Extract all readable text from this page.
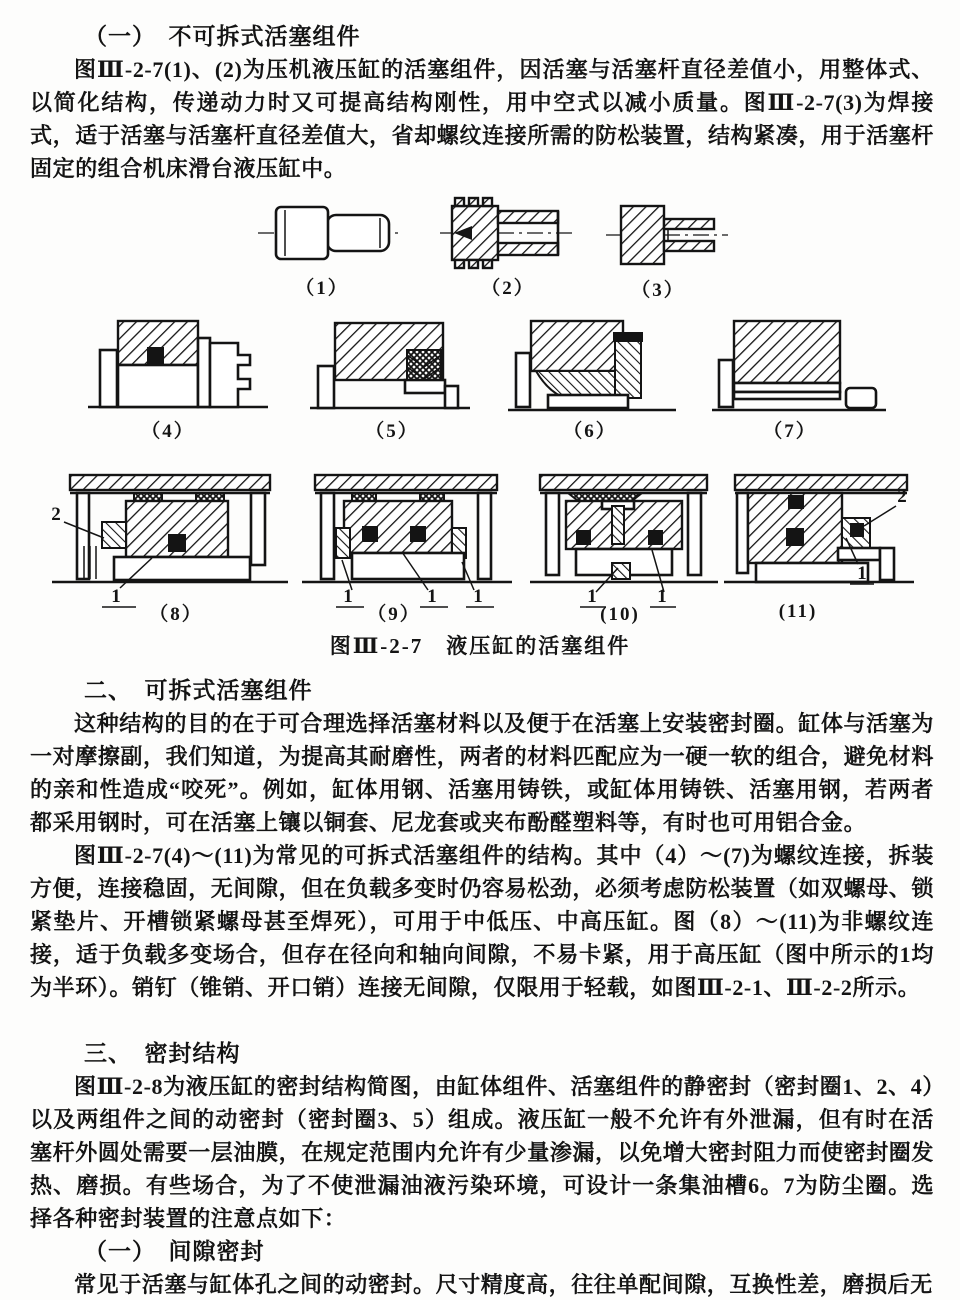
（一）　不可拆式活塞组件
图Ⅲ-2-7(1)、(2)为压机液压缸的活塞组件，因活塞与活塞杆直径差值小，用整体式、以简化结构，传递动力时又可提高结构刚性，用中空式以减小质量。图Ⅲ-2-7(3)为焊接式，适于活塞与活塞杆直径差值大，省却螺纹连接所需的防松装置，结构紧凑，用于活塞杆固定的组合机床滑台液压缸中。
（1）	（2）	（3）
（4）	（5）	（6）	（7）
2
1
（8）
1	1 1
（9）
1	1
(10)
2
1
(11)
图Ⅲ-2-7　液压缸的活塞组件
二、　可拆式活塞组件
这种结构的目的在于可合理选择活塞材料以及便于在活塞上安装密封圈。缸体与活塞为一对摩擦副，我们知道，为提高其耐磨性，两者的材料匹配应为一硬一软的组合，避免材料的亲和性造成“咬死”。例如，缸体用钢、活塞用铸铁，或缸体用铸铁、活塞用钢，若两者都采用钢时，可在活塞上镶以铜套、尼龙套或夹布酚醛塑料等，有时也可用铝合金。
图Ⅲ-2-7(4)～(11)为常见的可拆式活塞组件的结构。其中（4）～(7)为螺纹连接，拆装方便，连接稳固，无间隙，但在负载多变时仍容易松劲，必须考虑防松装置（如双螺母、锁紧垫片、开槽锁紧螺母甚至焊死），可用于中低压、中高压缸。图（8）～(11)为非螺纹连接，适于负载多变场合，但存在径向和轴向间隙，不易卡紧，用于高压缸（图中所示的1均为半环）。销钉（锥销、开口销）连接无间隙，仅限用于轻载，如图Ⅲ-2-1、Ⅲ-2-2所示。
三、　密封结构
图Ⅲ-2-8为液压缸的密封结构简图，由缸体组件、活塞组件的静密封（密封圈1、2、4）以及两组件之间的动密封（密封圈3、5）组成。液压缸一般不允许有外泄漏，但有时在活塞杆外圆处需要一层油膜，在规定范围内允许有少量渗漏，以免增大密封阻力而使密封圈发热、磨损。有些场合，为了不使泄漏油液污染环境，可设计一条集油槽6。7为防尘圈。选择各种密封装置的注意点如下：
（一）　间隙密封
常见于活塞与缸体孔之间的动密封。尺寸精度高，往往单配间隙，互换性差，磨损后无
